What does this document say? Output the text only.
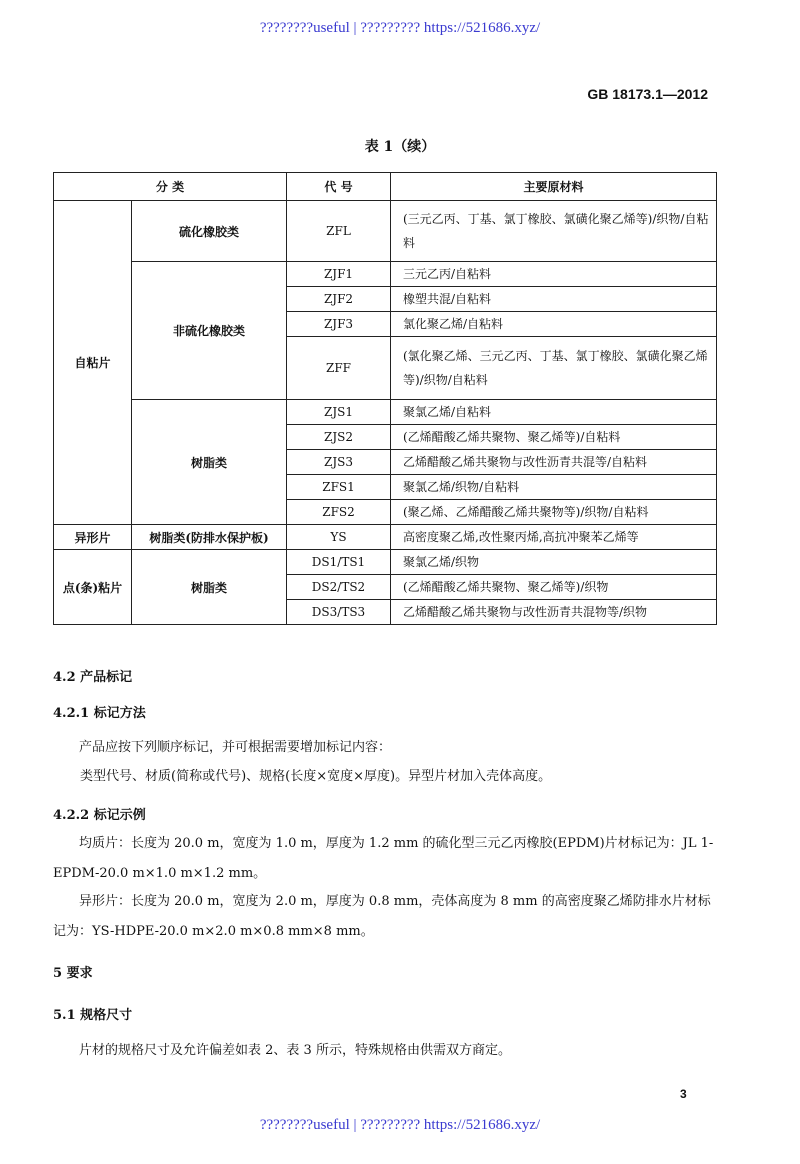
????????useful | ????????? https://521686.xyz/
GB 18173.1—2012
表 1（续）
分 类		代 号	主要原材料
自粘片	硫化橡胶类	ZFL	(三元乙丙、丁基、氯丁橡胶、氯磺化聚乙烯等)/织物/自粘料
	非硫化橡胶类	ZJF1	三元乙丙/自粘料
		ZJF2	橡塑共混/自粘料
		ZJF3	氯化聚乙烯/自粘料
		ZFF	(氯化聚乙烯、三元乙丙、丁基、氯丁橡胶、氯磺化聚乙烯等)/织物/自粘料
	树脂类	ZJS1	聚氯乙烯/自粘料
		ZJS2	(乙烯醋酸乙烯共聚物、聚乙烯等)/自粘料
		ZJS3	乙烯醋酸乙烯共聚物与改性沥青共混等/自粘料
		ZFS1	聚氯乙烯/织物/自粘料
		ZFS2	(聚乙烯、乙烯醋酸乙烯共聚物等)/织物/自粘料
异形片	树脂类(防排水保护板)	YS	高密度聚乙烯,改性聚丙烯,高抗冲聚苯乙烯等
点(条)粘片	树脂类	DS1/TS1	聚氯乙烯/织物
		DS2/TS2	(乙烯醋酸乙烯共聚物、聚乙烯等)/织物
		DS3/TS3	乙烯醋酸乙烯共聚物与改性沥青共混物等/织物
4.2 产品标记
4.2.1 标记方法
产品应按下列顺序标记，并可根据需要增加标记内容：
类型代号、材质(简称或代号)、规格(长度×宽度×厚度)。异型片材加入壳体高度。
4.2.2 标记示例
均质片：长度为 20.0 m，宽度为 1.0 m，厚度为 1.2 mm 的硫化型三元乙丙橡胶(EPDM)片材标记为：JL 1-EPDM-20.0 m×1.0 m×1.2 mm。
异形片：长度为 20.0 m，宽度为 2.0 m，厚度为 0.8 mm，壳体高度为 8 mm 的高密度聚乙烯防排水片材标记为：YS-HDPE-20.0 m×2.0 m×0.8 mm×8 mm。
5 要求
5.1 规格尺寸
片材的规格尺寸及允许偏差如表 2、表 3 所示，特殊规格由供需双方商定。
3
????????useful | ????????? https://521686.xyz/
